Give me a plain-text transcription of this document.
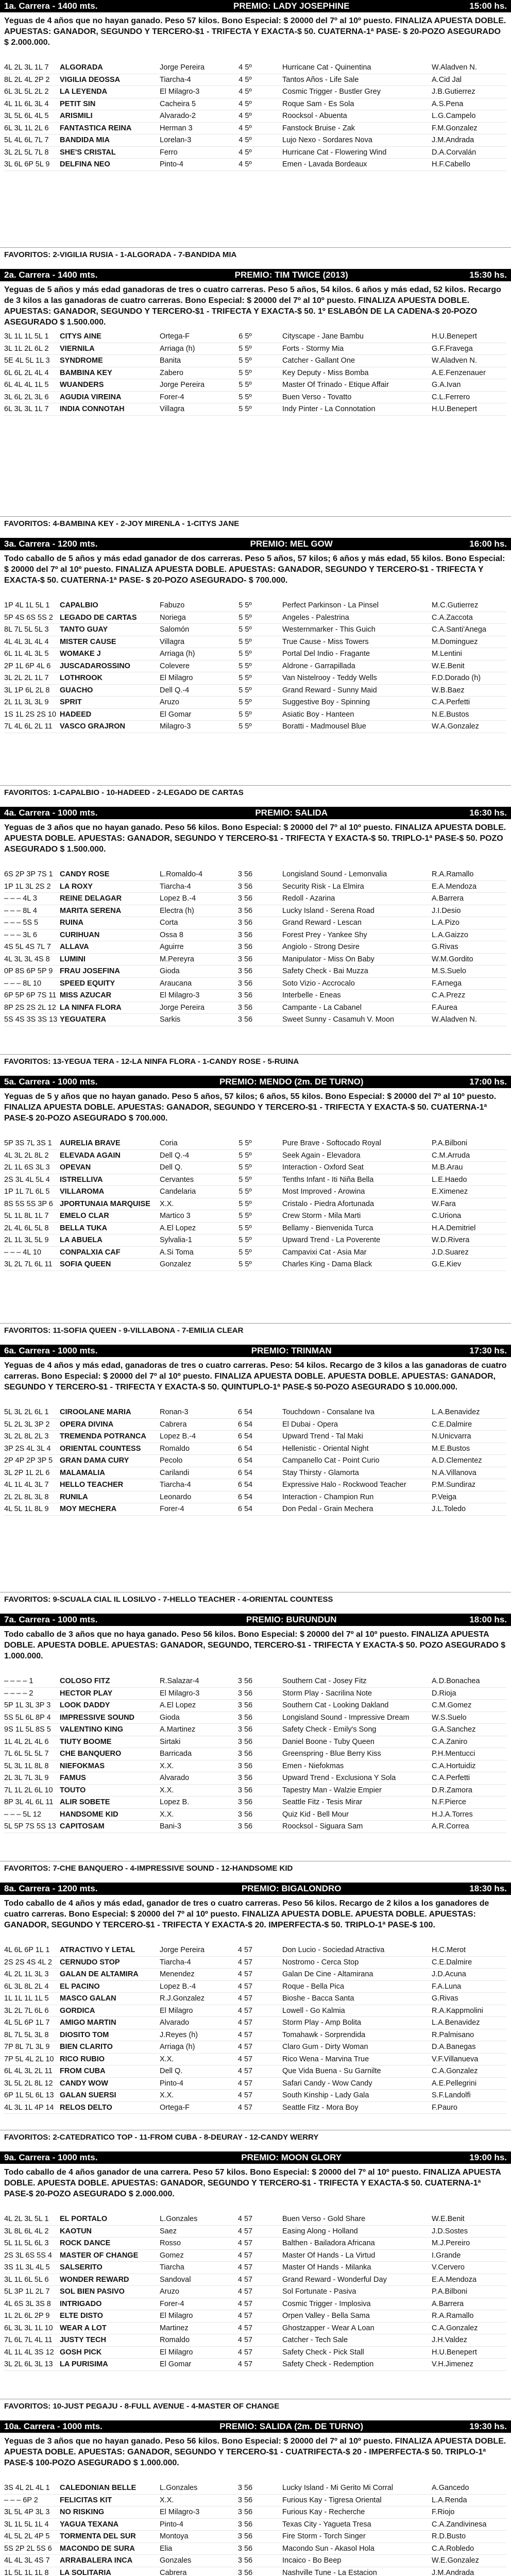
1a. Carrera - 1400 mts.	PREMIO: LADY JOSEPHINE	15:00 hs.
Yeguas de 4 años que no hayan ganado. Peso 57 kilos. Bono Especial: $ 20000 del 7º al 10º puesto. FINALIZA APUESTA DOBLE. APUESTAS: GANADOR, SEGUNDO Y TERCERO-$1 - TRIFECTA Y EXACTA-$ 50. CUATERNA-1ª PASE- $ 20-POZO ASEGURADO $ 2.000.000.
4L 2L 3L 1L 7	ALGORADA	Jorge Pereira	4 5º	Hurricane Cat - Quinentina	W.Aladven N.
8L 2L 4L 2P 2	VIGILIA DEOSSA	Tiarcha-4	4 5º	Tantos Años - Life Sale	A.Cid Jal
6L 3L 5L 2L 2	LA LEYENDA	El Milagro-3	4 5º	Cosmic Trigger - Bustler Grey	J.B.Gutierrez
4L 1L 6L 3L 4	PETIT SIN	Cacheira 5	4 5º	Roque Sam - Es Sola	A.S.Pena
3L 5L 6L 4L 5	ARISMILI	Alvarado-2	4 5º	Roocksol - Abuenta	L.G.Campelo
6L 3L 1L 2L 6	FANTASTICA REINA	Herman 3	4 5º	Fanstock Bruise - Zak	F.M.Gonzalez
5L 4L 6L 7L 7	BANDIDA MIA	Lorelan-3	4 5º	Lujo Nexo - Sordares Nova	J.M.Andrada
3L 2L 5L 7L 8	SHE'S CRISTAL	Ferro	4 5º	Hurricane Cat - Flowering Wind	D.A.Corvalán
3L 6L 6P 5L 9	DELFINA NEO	Pinto-4	4 5º	Emen - Lavada Bordeaux	H.F.Cabello
FAVORITOS: 2-VIGILIA RUSIA - 1-ALGORADA - 7-BANDIDA MIA
2a. Carrera - 1400 mts.	PREMIO: TIM TWICE (2013)	15:30 hs.
Yeguas de 5 años y más edad ganadoras de tres o cuatro carreras. Peso 5 años, 54 kilos. 6 años y más edad, 52 kilos. Recargo de 3 kilos a las ganadoras de cuatro carreras. Bono Especial: $ 20000 del 7º al 10º puesto. FINALIZA APUESTA DOBLE. APUESTAS: GANADOR, SEGUNDO Y TERCERO-$1 - TRIFECTA Y EXACTA-$ 50. 1º ESLABÓN DE LA CADENA-$ 20-POZO ASEGURADO $ 1.500.000.
3L 1L 1L 5L 1	CITYS AINE	Ortega-F	6 5º	Cityscape - Jane Bambu	H.U.Benepert
3L 1L 2L 6L 2	VIERNILA	Arriaga (h)	5 5º	Forts - Stormy Mia	G.F.Fravega
5E 4L 5L 1L 3	SYNDROME	Banita	5 5º	Catcher - Gallant One	W.Aladven N.
6L 6L 2L 4L 4	BAMBINA KEY	Zabero	5 5º	Key Deputy - Miss Bomba	A.E.Fenzenauer
6L 4L 4L 1L 5	WUANDERS	Jorge Pereira	5 5º	Master Of Trinado - Etique Affair	G.A.Ivan
3L 6L 2L 3L 6	AGUDIA VIREINA	Forer-4	5 5º	Buen Verso - Tovatto	C.L.Ferrero
6L 3L 3L 1L 7	INDIA CONNOTAH	Villagra	5 5º	Indy Pinter - La Connotation	H.U.Benepert
FAVORITOS: 4-BAMBINA KEY - 2-JOY MIRENLA - 1-CITYS JANE
3a. Carrera - 1200 mts.	PREMIO: MEL GOW	16:00 hs.
Todo caballo de 5 años y más edad ganador de dos carreras. Peso 5 años, 57 kilos; 6 años y más edad, 55 kilos. Bono Especial: $ 20000 del 7º al 10º puesto. FINALIZA APUESTA DOBLE. APUESTAS: GANADOR, SEGUNDO Y TERCERO-$1 - TRIFECTA Y EXACTA-$ 50. CUATERNA-1ª PASE- $ 20-POZO ASEGURADO- $ 700.000.
1P 4L 1L 5L 1	CAPALBIO	Fabuzo	5 5º	Perfect Parkinson - La Pinsel	M.C.Gutierrez
5P 4S 6S 5S 2 LEGADO DE CARTAS	Noriega	5 5º	Angeles - Palestrina	C.A.Zaccota
8L 7L 5L 5L 3	TANTO GUAY	Salomón	5 5º	Westernmarker - This Guich	C.A.Santi'Anega
4L 4L 3L 4L 4	MISTER CAUSE	Villagra	5 5º	True Cause - Miss Towers	M.Dominguez
6L 1L 4L 3L 5	WOMAKE J	Arriaga (h)	5 5º	Portal Del Indio - Fragante	M.Lentini
2P 1L 6P 4L 6	JUSCADAROSSINO	Colevere	5 5º	Aldrone - Garrapillada	W.E.Benit
3L 2L 2L 1L 7	LOTHROOK	El Milagro	5 5º	Van Nistelrooy - Teddy Wells	F.D.Dorado (h)
3L 1P 6L 2L 8	GUACHO	Dell Q.-4	5 5º	Grand Reward - Sunny Maid	W.B.Baez
2L 1L 3L 3L 9	SPRIT	Aruzo	5 5º	Suggestive Boy - Spinning	C.A.Perfetti
1S 1L 2S 2S 10 HADEED	El Gomar	5 5º	Asiatic Boy - Hanteen	N.E.Bustos
7L 4L 6L 2L 11 VASCO GRAJRON	Milagro-3	5 5º	Boratti - Madmousel Blue	W.A.Gonzalez
FAVORITOS: 1-CAPALBIO - 10-HADEED - 2-LEGADO DE CARTAS
4a. Carrera - 1000 mts.	PREMIO: SALIDA	16:30 hs.
Yeguas de 3 años que no hayan ganado. Peso 56 kilos. Bono Especial: $ 20000 del 7º al 10º puesto. FINALIZA APUESTA DOBLE. APUESTA DOBLE. APUESTAS: GANADOR, SEGUNDO Y TERCERO-$1 - TRIFECTA Y EXACTA-$ 50. TRIPLO-1ª PASE-$ 50. POZO ASEGURADO $ 1.500.000.
6S 2P 3P 7S 1 CANDY ROSE	L.Romaldo-4	3 56	Longisland Sound - Lemonvalia	R.A.Ramallo
1P 1L 3L 2S 2	LA ROXY	Tiarcha-4	3 56	Security Risk - La Elmira	E.A.Mendoza
– – – 4L 3	REINE DELAGAR	Lopez B.-4	3 56	Redoll - Azarina	A.Barrera
– – – 8L 4	MARITA SERENA	Electra (h)	3 56	Lucky Island - Serena Road	J.I.Desio
– – – 5S 5	RUINA	Corta	3 56	Grand Reward - Lescan	L.A.Pizo
– – – 3L 6	CURIHUAN	Ossa 8	3 56	Forest Prey - Yankee Shy	L.A.Gaizzo
4S 5L 4S 7L 7	ALLAVA	Aguirre	3 56	Angiolo - Strong Desire	G.Rivas
4L 3L 3L 4S 8	LUMINI	M.Pereyra	3 56	Manipulator - Miss On Baby	W.M.Gordito
0P 8S 6P 5P 9 FRAU JOSEFINA	Gioda	3 56	Safety Check - Bai Muzza	M.S.Suelo
– – – 8L 10	SPEED EQUITY	Araucana	3 56	Soto Vizio - Accrocalo	F.Arnega
6P 5P 6P 7S 11 MISS AZUCAR	El Milagro-3	3 56	Interbelle - Eneas	C.A.Prezz
8P 2S 2S 2L 12 LA NINFA FLORA	Jorge Pereira	3 56	Campante - La Cabanel	F.Aurea
5S 4S 3S 3S 13 YEGUATERA	Sarkis	3 56	Sweet Sunny - Casamuh V. Moon	W.Aladven N.
FAVORITOS: 13-YEGUA TERA - 12-LA NINFA FLORA - 1-CANDY ROSE - 5-RUINA
5a. Carrera - 1000 mts.	PREMIO: MENDO (2m. DE TURNO)	17:00 hs.
Yeguas de 5 y años que no hayan ganado. Peso 5 años, 57 kilos; 6 años, 55 kilos. Bono Especial: $ 20000 del 7º al 10º puesto. FINALIZA APUESTA DOBLE. APUESTAS: GANADOR, SEGUNDO Y TERCERO-$1 - TRIFECTA Y EXACTA-$ 50. CUATERNA-1ª PASE-$ 20-POZO ASEGURADO $ 700.000.
5P 3S 7L 3S 1	AURELIA BRAVE	Coria	5 5º	Pure Brave - Softocado Royal	P.A.Bilboni
4L 3L 2L 8L 2	ELEVADA AGAIN	Dell Q.-4	5 5º	Seek Again - Elevadora	C.M.Arruda
2L 1L 6S 3L 3	OPEVAN	Dell Q.	5 5º	Interaction - Oxford Seat	M.B.Arau
2S 3L 4L 5L 4	ISTRELLIVA	Cervantes	5 5º	Tenths Infant - Iti Niña Bella	L.E.Haedo
1P 1L 7L 6L 5	VILLAROMA	Candelaria	5 5º	Most Improved - Arowina	E.Ximenez
8S 5S 5S 3P 6 JPORTUNAIA MARQUISE	X.X.	5 5º	Cristalo - Piedra Afortunada	W.Fara
5L 1L 8L 1L 7	EMELO CLAR	Martico 3	5 5º	Crew Storm - Mila Marti	C.Uriona
2L 4L 6L 5L 8	BELLA TUKA	A.El Lopez	5 5º	Bellamy - Bienvenida Turca	H.A.Demitriel
2L 1L 3L 5L 9	LA ABUELA	Sylvalia-1	5 5º	Upward Trend - La Poverente	W.D.Rivera
– – – 4L 10	CONPALXIA CAF	A.Si Toma	5 5º	Campavixi Cat - Asia Mar	J.D.Suarez
3L 2L 7L 6L 11 SOFIA QUEEN	Gonzalez	5 5º	Charles King - Dama Black	G.E.Kiev
FAVORITOS: 11-SOFIA QUEEN - 9-VILLABONA - 7-EMILIA CLEAR
6a. Carrera - 1000 mts.	PREMIO: TRINMAN	17:30 hs.
Yeguas de 4 años y más edad, ganadoras de tres o cuatro carreras. Peso: 54 kilos. Recargo de 3 kilos a las ganadoras de cuatro carreras. Bono Especial: $ 20000 del 7º al 10º puesto. FINALIZA APUESTA DOBLE. APUESTA DOBLE. APUESTAS: GANADOR, SEGUNDO Y TERCERO-$1 - TRIFECTA Y EXACTA-$ 50. QUINTUPLO-1ª PASE-$ 50-POZO ASEGURADO $ 10.000.000.
5L 3L 2L 6L 1	CIROOLANE MARIA	Ronan-3	6 54	Touchdown - Consalane Iva	L.A.Benavidez
5L 2L 3L 3P 2	OPERA DIVINA	Cabrera	6 54	El Dubai - Opera	C.E.Dalmire
3L 2L 8L 2L 3	TREMENDA POTRANCA	Lopez B.-4	6 54	Upward Trend - Tal Maki	N.Unicvarra
3P 2S 4L 3L 4	ORIENTAL COUNTESS	Romaldo	6 54	Hellenistic - Oriental Night	M.E.Bustos
2P 4P 2P 3P 5 GRAN DAMA CURY	Pecolo	6 54	Campanello Cat - Point Curio	A.D.Clementez
3L 2P 1L 2L 6	MALAMALIA	Carilandi	6 54	Stay Thirsty - Glamorta	N.A.Villanova
4L 1L 4L 3L 7	HELLO TEACHER	Tiarcha-4	6 54	Expressive Halo - Rockwood Teacher	P.M.Sundiraz
2L 2L 8L 3L 8	RUNILA	Leonardo	6 54	Interaction - Champion Run	P.Veiga
4L 5L 1L 8L 9	MOY MECHERA	Forer-4	6 54	Don Pedal - Grain Mechera	J.L.Toledo
FAVORITOS: 9-SCUALA CIAL IL LOSILVO - 7-HELLO TEACHER - 4-ORIENTAL COUNTESS
7a. Carrera - 1000 mts.	PREMIO: BURUNDUN	18:00 hs.
Todo caballo de 3 años que no haya ganado. Peso 56 kilos. Bono Especial: $ 20000 del 7º al 10º puesto. FINALIZA APUESTA DOBLE. APUESTA DOBLE. APUESTAS: GANADOR, SEGUNDO, TERCERO-$1 - TRIFECTA Y EXACTA-$ 50. POZO ASEGURADO $ 1.000.000.
– – – – 1	COLOSO FITZ	R.Salazar-4	3 56	Southern Cat - Josey Fitz	A.D.Bonachea
– – – – 2	HECTOR PLAY	El Milagro-3	3 56	Storm Play - Sacrilina Note	D.Rioja
5P 1L 3L 3P 3	LOOK DADDY	A.El Lopez	3 56	Southern Cat - Looking Dakland	C.M.Gomez
5S 5L 6L 8P 4	IMPRESSIVE SOUND	Gioda	3 56	Longisland Sound - Impressive Dream	W.S.Suelo
9S 1L 5L 8S 5	VALENTINO KING	A.Martinez	3 56	Safety Check - Emily's Song	G.A.Sanchez
1L 4L 2L 4L 6	TIUTY BOOME	Sirtaki	3 56	Daniel Boone - Tuby Queen	C.A.Zaniro
7L 6L 5L 5L 7	CHE BANQUERO	Barricada	3 56	Greenspring - Blue Berry Kiss	P.H.Mentucci
5L 3L 1L 8L 8	NIEFOKMAS	X.X.	3 56	Emen - Niefokmas	C.A.Hortuidiz
2L 3L 7L 3L 9	FAMUS	Alvarado	3 56	Upward Trend - Exclusiona Y Sola	C.A.Perfetti
7L 1L 2L 6L 10 TOUTO	X.X.	3 56	Tapestry Man - Walzie Empier	D.R.Zamora
8P 3L 4L 6L 11 ALIR SOBETE	Lopez B.	3 56	Seattle Fitz - Tesis Mirar	N.F.Pierce
– – – 5L 12	HANDSOME KID	X.X.	3 56	Quiz Kid - Bell Mour	H.J.A.Torres
5L 5P 7S 5S 13 CAPITOSAM	Bani-3	3 56	Roocksol - Siguara Sam	A.R.Correa
FAVORITOS: 7-CHE BANQUERO - 4-IMPRESSIVE SOUND - 12-HANDSOME KID
8a. Carrera - 1200 mts.	PREMIO: BIGALONDRO	18:30 hs.
Todo caballo de 4 años y más edad, ganador de tres o cuatro carreras. Peso 56 kilos. Recargo de 2 kilos a los ganadores de cuatro carreras. Bono Especial: $ 20000 del 7º al 10º puesto. FINALIZA APUESTA DOBLE. APUESTA DOBLE. APUESTAS: GANADOR, SEGUNDO Y TERCERO-$1 - TRIFECTA Y EXACTA-$ 20. IMPERFECTA-$ 50. TRIPLO-1ª PASE-$ 100.
4L 6L 6P 1L 1	ATRACTIVO Y LETAL	Jorge Pereira	4 57	Don Lucio - Sociedad Atractiva	H.C.Merot
2S 2S 4S 4L 2	CERNUDO STOP	Tiarcha-4	4 57	Nostromo - Cerca Stop	C.E.Dalmire
4L 2L 1L 3L 3	GALAN DE ALTAMIRA	Menendez	4 57	Galan De Cine - Altamirana	J.D.Acuna
6L 3L 8L 2L 4	EL PACINO	Lopez B.-4	4 57	Roque - Bella Pica	F.A.Luna
1L 1L 1L 1L 5	MASCO GALAN	R.J.Gonzalez	4 57	Bioshe - Bacca Santa	G.Rivas
3L 2L 7L 6L 6	GORDICA	El Milagro	4 57	Lowell - Go Kalmia	R.A.Kappmolini
4L 5L 6P 1L 7	AMIGO MARTIN	Alvarado	4 57	Storm Play - Amp Bolita	L.A.Benavidez
8L 7L 5L 3L 8	DIOSITO TOM	J.Reyes (h)	4 57	Tomahawk - Sorprendida	R.Palmisano
7P 8L 7L 3L 9	BIEN CLARITO	Arriaga (h)	4 57	Claro Gum - Dirty Woman	D.A.Banegas
7P 5L 4L 2L 10 RICO RUBIO	X.X.	4 57	Rico Wena - Marvina True	V.F.Villanueva
6L 4L 3L 2L 11 FROM CUBA	Dell Q.	4 57	Que Vida Buena - Su Garnilte	C.A.Gonzalez
3L 5L 2L 8L 12 CANDY WOW	Pinto-4	4 57	Safari Candy - Wow Candy	A.E.Pellegrini
6P 1L 5L 6L 13 GALAN SUERSI	X.X.	4 57	South Kinship - Lady Gala	S.F.Landolfi
4L 3L 1L 4P 14 RELOS DELTO	Ortega-F	4 57	Seattle Fitz - Mora Boy	F.Pauro
FAVORITOS: 2-CATEDRATICO TOP - 11-FROM CUBA - 8-DEURAY - 12-CANDY WERRY
9a. Carrera - 1000 mts.	PREMIO: MOON GLORY	19:00 hs.
Todo caballo de 4 años ganador de una carrera. Peso 57 kilos. Bono Especial: $ 20000 del 7º al 10º puesto. FINALIZA APUESTA DOBLE. APUESTA DOBLE. APUESTAS: GANADOR, SEGUNDO Y TERCERO-$1 - TRIFECTA Y EXACTA-$ 50. CUATERNA-1ª PASE-$ 20-POZO ASEGURADO $ 2.000.000.
4L 2L 3L 5L 1	EL PORTALO	L.Gonzales	4 57	Buen Verso - Gold Share	W.E.Benit
3L 8L 6L 4L 2	KAOTUN	Saez	4 57	Easing Along - Holland	J.D.Sostes
5L 1L 5L 6L 3	ROCK DANCE	Rosso	4 57	Balthen - Bailadora Africana	M.J.Pereiro
2S 3L 6S 5S 4	MASTER OF CHANGE	Gomez	4 57	Master Of Hands - La Virtud	I.Grande
3S 1L 3L 4L 5	SALSERITO	Tiarcha	4 57	Master Of Hands - Milanka	V.Cervero
3L 1L 6L 5L 6	WONDER REWARD	Sandoval	4 57	Grand Reward - Wonderful Day	E.A.Mendoza
5L 3P 1L 2L 7	SOL BIEN PASIVO	Aruzo	4 57	Sol Fortunate - Pasiva	P.A.Bilboni
4L 6S 3L 3S 8	INTRIGADO	Forer-4	4 57	Cosmic Trigger - Implosiva	A.Barrera
1L 2L 6L 2P 9	ELTE DISTO	El Milagro	4 57	Orpen Valley - Bella Sama	R.A.Ramallo
6L 3L 3L 1L 10 WEAR A LOT	Martinez	4 57	Ghostzapper - Wear A Loan	C.A.Gonzalez
7L 6L 7L 4L 11 JUSTY TECH	Romaldo	4 57	Catcher - Tech Sale	J.H.Valdez
4L 1L 4L 3S 12 GOSH PICK	El Milagro	4 57	Safety Check - Pick Stall	H.U.Benepert
3L 2L 6L 3L 13 LA PURISIMA	El Gomar	4 57	Safety Check - Redemption	V.H.Jimenez
FAVORITOS: 10-JUST PEGAJU - 8-FULL AVENUE - 4-MASTER OF CHANGE
10a. Carrera - 1000 mts.	PREMIO: SALIDA (2m. DE TURNO)	19:30 hs.
Yeguas de 3 años que no hayan ganado. Peso 56 kilos. Bono Especial: $ 20000 del 7º al 10º puesto. FINALIZA APUESTA DOBLE. APUESTA DOBLE. APUESTAS: GANADOR, SEGUNDO Y TERCERO-$1 - CUATRIFECTA-$ 20 - IMPERFECTA-$ 50. TRIPLO-1ª PASE-$ 100-POZO ASEGURADO $ 1.000.000.
3S 4L 2L 4L 1	CALEDONIAN BELLE	L.Gonzales	3 56	Lucky Island - Mi Gerito Mi Corral	A.Gancedo
– – – 6P 2	FELICITAS KIT	X.X.	3 56	Furious Kay - Tigresa Oriental	L.A.Renda
3L 5L 4P 3L 3	NO RISKING	El Milagro-3	3 56	Furious Kay - Recherche	F.Riojo
3L 1L 5L 1L 4	YAGUA TEXANA	Pinto-4	3 56	Texas City - Yagueta Tresa	C.A.Zandivinesa
4L 5L 2L 4P 5	TORMENTA DEL SUR	Montoya	3 56	Fire Storm - Torch Singer	R.D.Busto
5S 2P 2L 5S 6	MACONDO DE SURA	Elia	3 56	Macondo Sun - Akasol Hola	C.A.Robledo
4L 4L 3L 4S 7	ARRABALERA INCA	Gonzales	3 56	Incaico - Bo Beep	W.E.Gonzalez
1L 5L 1L 1L 8	LA SOLITARIA	Cabrera	3 56	Nashville Tune - La Estacion	J.M.Andrada
